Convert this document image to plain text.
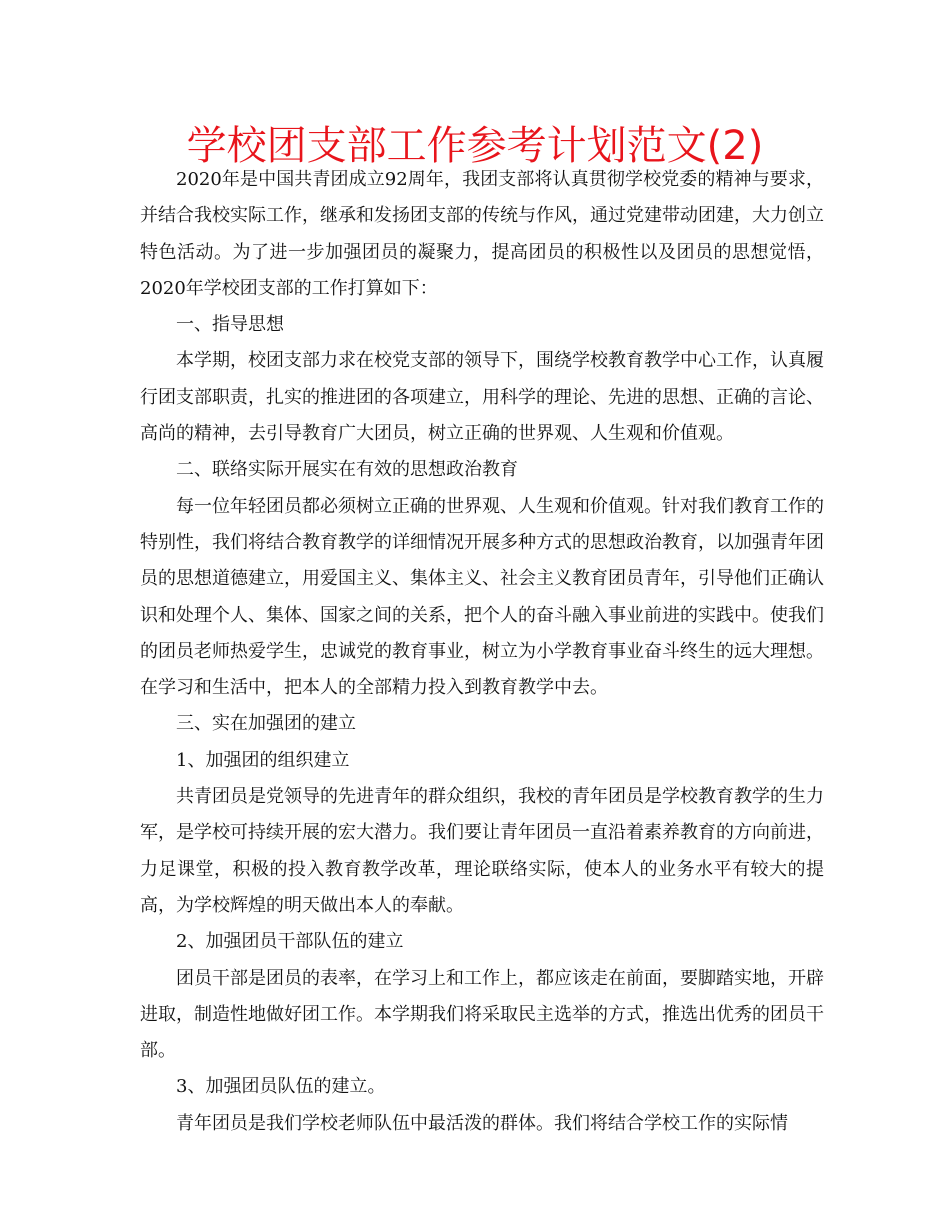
学校团支部工作参考计划范文(2)

2020年是中国共青团成立92周年，我团支部将认真贯彻学校党委的精神与要求，并结合我校实际工作，继承和发扬团支部的传统与作风，通过党建带动团建，大力创立特色活动。为了进一步加强团员的凝聚力，提高团员的积极性以及团员的思想觉悟，2020年学校团支部的工作打算如下：

一、指导思想

本学期，校团支部力求在校党支部的领导下，围绕学校教育教学中心工作，认真履行团支部职责，扎实的推进团的各项建立，用科学的理论、先进的思想、正确的言论、高尚的精神，去引导教育广大团员，树立正确的世界观、人生观和价值观。

二、联络实际开展实在有效的思想政治教育

每一位年轻团员都必须树立正确的世界观、人生观和价值观。针对我们教育工作的特别性，我们将结合教育教学的详细情况开展多种方式的思想政治教育，以加强青年团员的思想道德建立，用爱国主义、集体主义、社会主义教育团员青年，引导他们正确认识和处理个人、集体、国家之间的关系，把个人的奋斗融入事业前进的实践中。使我们的团员老师热爱学生，忠诚党的教育事业，树立为小学教育事业奋斗终生的远大理想。在学习和生活中，把本人的全部精力投入到教育教学中去。

三、实在加强团的建立

1、加强团的组织建立

共青团员是党领导的先进青年的群众组织，我校的青年团员是学校教育教学的生力军，是学校可持续开展的宏大潜力。我们要让青年团员一直沿着素养教育的方向前进，力足课堂，积极的投入教育教学改革，理论联络实际，使本人的业务水平有较大的提高，为学校辉煌的明天做出本人的奉献。

2、加强团员干部队伍的建立

团员干部是团员的表率，在学习上和工作上，都应该走在前面，要脚踏实地，开辟进取，制造性地做好团工作。本学期我们将采取民主选举的方式，推选出优秀的团员干部。

3、加强团员队伍的建立。

青年团员是我们学校老师队伍中最活泼的群体。我们将结合学校工作的实际情
